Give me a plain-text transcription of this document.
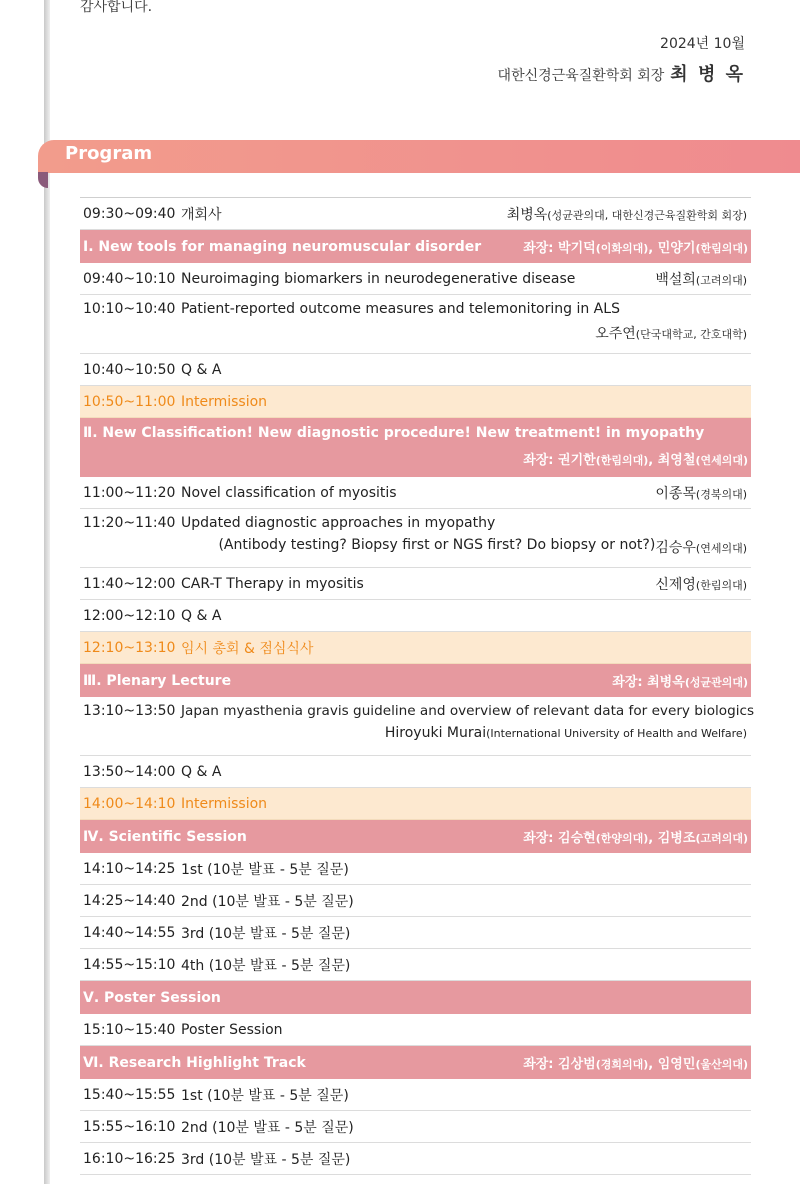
감사합니다.
2024년 10월
대한신경근육질환학회 회장 최 병 옥
Program
09:30~09:40 개회사	최병옥(성균관의대, 대한신경근육질환학회 회장)
Ⅰ. New tools for managing neuromuscular disorder	좌장: 박기덕(이화의대), 민양기(한림의대)
09:40~10:10 Neuroimaging biomarkers in neurodegenerative disease	백설희(고려의대)
10:10~10:40 Patient-reported outcome measures and telemonitoring in ALS
오주연(단국대학교, 간호대학)
10:40~10:50 Q & A
10:50~11:00 Intermission
Ⅱ. New Classification! New diagnostic procedure! New treatment! in myopathy
좌장: 권기한(한림의대), 최영철(연세의대)
11:00~11:20 Novel classification of myositis	이종목(경북의대)
11:20~11:40 Updated diagnostic approaches in myopathy
(Antibody testing? Biopsy first or NGS first? Do biopsy or not?) 김승우(연세의대)
11:40~12:00 CAR-T Therapy in myositis	신제영(한림의대)
12:00~12:10 Q & A
12:10~13:10 임시 총회 & 점심식사
Ⅲ. Plenary Lecture	좌장: 최병옥(성균관의대)
13:10~13:50 Japan myasthenia gravis guideline and overview of relevant data for every biologics
Hiroyuki Murai(International University of Health and Welfare)
13:50~14:00 Q & A
14:00~14:10 Intermission
Ⅳ. Scientific Session	좌장: 김승현(한양의대), 김병조(고려의대)
14:10~14:25 1st (10분 발표 - 5분 질문)
14:25~14:40 2nd (10분 발표 - 5분 질문)
14:40~14:55 3rd (10분 발표 - 5분 질문)
14:55~15:10 4th (10분 발표 - 5분 질문)
Ⅴ. Poster Session
15:10~15:40 Poster Session
Ⅵ. Research Highlight Track	좌장: 김상범(경희의대), 임영민(울산의대)
15:40~15:55 1st (10분 발표 - 5분 질문)
15:55~16:10 2nd (10분 발표 - 5분 질문)
16:10~16:25 3rd (10분 발표 - 5분 질문)
